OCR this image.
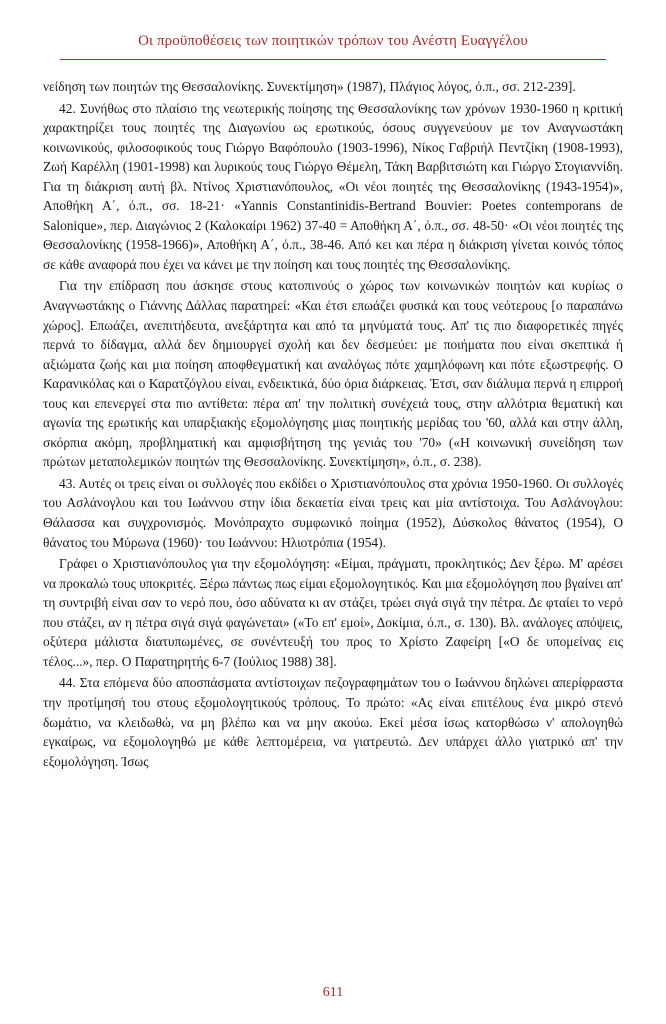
Οι προϋποθέσεις των ποιητικών τρόπων του Ανέστη Ευαγγέλου

νείδηση των ποιητών της Θεσσαλονίκης. Συνεκτίμηση» (1987), Πλάγιος λόγος, ό.π., σσ. 212-239].

42. Συνήθως στο πλαίσιο της νεωτερικής ποίησης της Θεσσαλονίκης των χρόνων 1930-1960 η κριτική χαρακτηρίζει τους ποιητές της Διαγωνίου ως ερωτικούς, όσους συγγενεύουν με τον Αναγνωστάκη κοινωνικούς, φιλοσοφικούς τους Γιώργο Βαφόπουλο (1903-1996), Νίκος Γαβριήλ Πεντζίκη (1908-1993), Ζωή Καρέλλη (1901-1998) και λυρικούς τους Γιώργο Θέμελη, Τάκη Βαρβιτσιώτη και Γιώργο Στογιαννίδη. Για τη διάκριση αυτή βλ. Ντίνος Χριστιανόπουλος, «Οι νέοι ποιητές της Θεσσαλονίκης (1943-1954)», Αποθήκη Α΄, ό.π., σσ. 18-21· «Yannis Constantinidis-Bertrand Bouvier: Poetes contemporans de Salonique», περ. Διαγώνιος 2 (Καλοκαίρι 1962) 37-40 = Αποθήκη Α΄, ό.π., σσ. 48-50· «Οι νέοι ποιητές της Θεσσαλονίκης (1958-1966)», Αποθήκη Α΄, ό.π., 38-46. Από κει και πέρα η διάκριση γίνεται κοινός τόπος σε κάθε αναφορά που έχει να κάνει με την ποίηση και τους ποιητές της Θεσσαλονίκης.

Για την επίδραση που άσκησε στους κατοπινούς ο χώρος των κοινωνικών ποιητών και κυρίως ο Αναγνωστάκης ο Γιάννης Δάλλας παρατηρεί: «Και έτσι επωάζει φυσικά και τους νεότερους [ο παραπάνω χώρος]. Επωάζει, ανεπιτήδευτα, ανεξάρτητα και από τα μηνύματά τους. Απ' τις πιο διαφορετικές πηγές περνά το δίδαγμα, αλλά δεν δημιουργεί σχολή και δεν δεσμεύει: με ποιήματα που είναι σκεπτικά ή αξιώματα ζωής και μια ποίηση αποφθεγματική και αναλόγως πότε χαμηλόφωνη και πότε εξωστρεφής. Ο Καρανικόλας και ο Καρατζόγλου είναι, ενδεικτικά, δύο όρια διάρκειας. Έτσι, σαν διάλυμα περνά η επιρροή τους και επενεργεί στα πιο αντίθετα: πέρα απ' την πολιτική συνέχειά τους, στην αλλότρια θεματική και αγωνία της ερωτικής και υπαρξιακής εξομολόγησης μιας ποιητικής μερίδας του '60, αλλά και στην άλλη, σκόρπια ακόμη, προβληματική και αμφισβήτηση της γενιάς του '70» («Η κοινωνική συνείδηση των πρώτων μεταπολεμικών ποιητών της Θεσσαλονίκης. Συνεκτίμηση», ό.π., σ. 238).

43. Αυτές οι τρεις είναι οι συλλογές που εκδίδει ο Χριστιανόπουλος στα χρόνια 1950-1960. Οι συλλογές του Ασλάνογλου και του Ιωάννου στην ίδια δεκαετία είναι τρεις και μία αντίστοιχα. Του Ασλάνογλου: Θάλασσα και συγχρονισμός. Μονόπραχτο συμφωνικό ποίημα (1952), Δύσκολος θάνατος (1954), Ο θάνατος του Μύρωνα (1960)· του Ιωάννου: Ηλιοτρόπια (1954).

Γράφει ο Χριστιανόπουλος για την εξομολόγηση: «Είμαι, πράγματι, προκλητικός; Δεν ξέρω. Μ' αρέσει να προκαλώ τους υποκριτές. Ξέρω πάντως πως είμαι εξομολογητικός. Και μια εξομολόγηση που βγαίνει απ' τη συντριβή είναι σαν το νερό που, όσο αδύνατα κι αν στάζει, τρώει σιγά σιγά την πέτρα. Δε φταίει το νερό που στάζει, αν η πέτρα σιγά σιγά φαγώνεται» («Το επ' εμοί», Δοκίμια, ό.π., σ. 130). Βλ. ανάλογες απόψεις, οξύτερα μάλιστα διατυπωμένες, σε συνέντευξή του προς το Χρίστο Ζαφείρη [«Ο δε υπομείνας εις τέλος...», περ. Ο Παρατηρητής 6-7 (Ιούλιος 1988) 38].

44. Στα επόμενα δύο αποσπάσματα αντίστοιχων πεζογραφημάτων του ο Ιωάννου δηλώνει απερίφραστα την προτίμησή του στους εξομολογητικούς τρόπους. Το πρώτο: «Ας είναι επιτέλους ένα μικρό στενό δωμάτιο, να κλειδωθώ, να μη βλέπω και να μην ακούω. Εκεί μέσα ίσως κατορθώσω ν' απολογηθώ εγκαίρως, να εξομολογηθώ με κάθε λεπτομέρεια, να γιατρευτώ. Δεν υπάρχει άλλο γιατρικό απ' την εξομολόγηση. Ίσως

611
